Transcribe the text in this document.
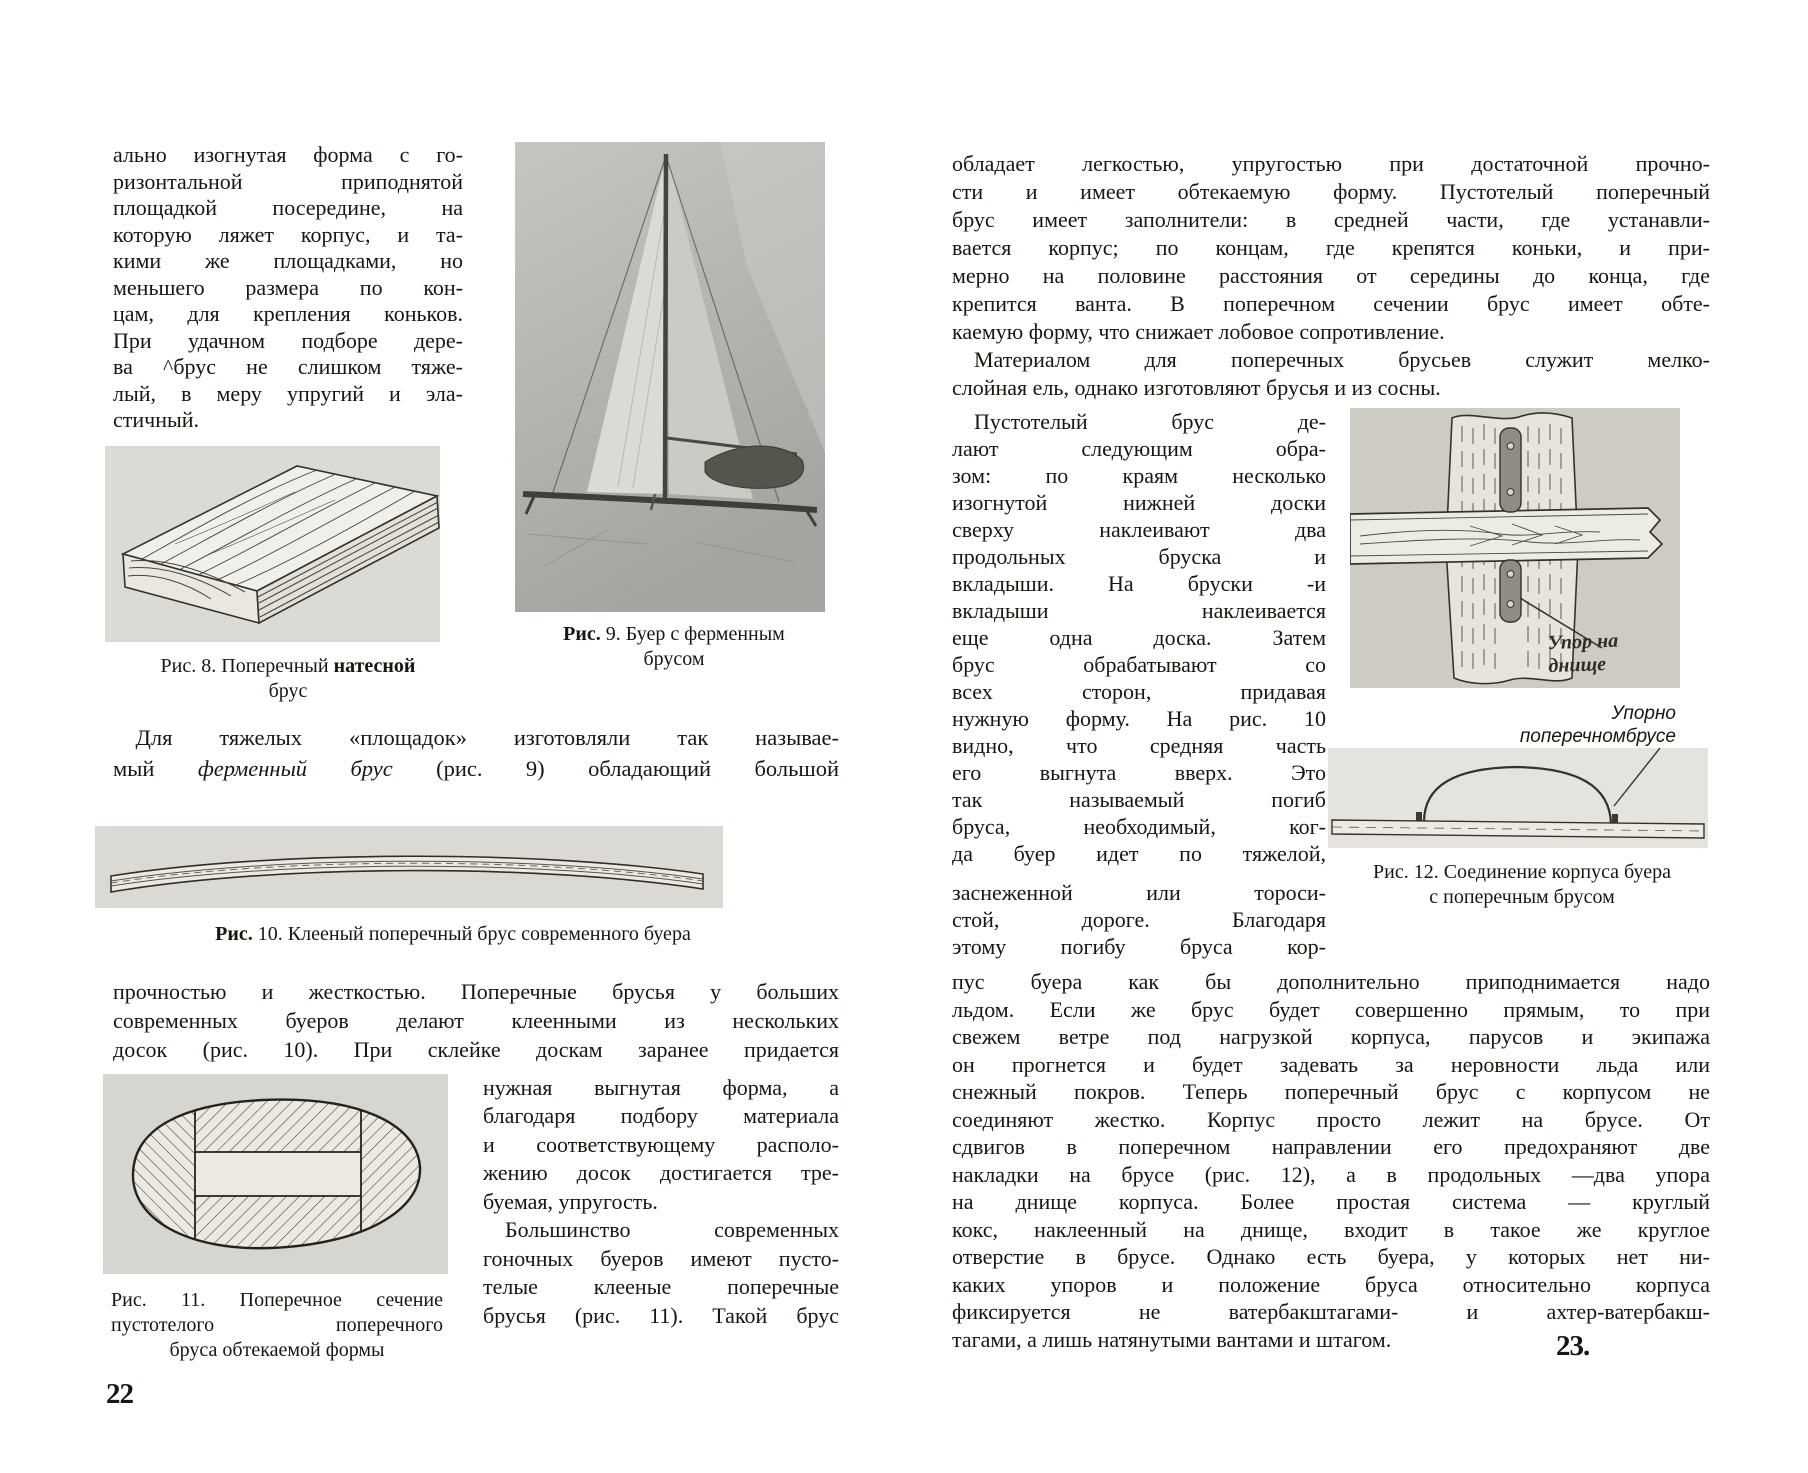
ально изогнутая форма с го-
ризонтальной приподнятой
площадкой посередине, на
которую ляжет корпус, и та-
кими же площадками, но
меньшего размера по кон-
цам, для крепления коньков.
При удачном подборе дере-
ва ^брус не слишком тяже-
лый, в меру упругий и эла-
стичный.
Рис. 8. Поперечный натесной
брус
Рис. 9. Буер с ферменным
брусом
 Для тяжелых «площадок» изготовляли так называе-
мый ферменный брус (рис. 9) обладающий большой
Рис. 10. Клееный поперечный брус современного буера
прочностью и жесткостью. Поперечные брусья у больших
современных буеров делают клеенными из нескольких
досок (рис. 10). При склейке доскам заранее придается
Рис. 11. Поперечное сечение
пустотелого поперечного
бруса обтекаемой формы
нужная выгнутая форма, а
благодаря подбору материала
и соответствующему располо-
жению досок достигается тре-
буемая, упругость.
 Большинство современных
гоночных буеров имеют пусто-
телые клееные поперечные
брусья (рис. 11). Такой брус
обладает легкостью, упругостью при достаточной прочно-
сти и имеет обтекаемую форму. Пустотелый поперечный
брус имеет заполнители: в средней части, где устанавли-
вается корпус; по концам, где крепятся коньки, и при-
мерно на половине расстояния от середины до конца, где
крепится ванта. В поперечном сечении брус имеет обте-
каемую форму, что снижает лобовое сопротивление.
 Материалом для поперечных брусьев служит мелко-
слойная ель, однако изготовляют брусья и из сосны.
 Пустотелый брус де-
лают следующим обра-
зом: по краям несколько
изогнутой нижней доски
сверху наклеивают два
продольных бруска и
вкладыши. На бруски -и
вкладыши наклеивается
еще одна доска. Затем
брус обрабатывают со
всех сторон, придавая
нужную форму. На рис. 10
видно, что средняя часть
его выгнута вверх. Это
так называемый погиб
бруса, необходимый, ког-
да буер идет по тяжелой,
заснеженной или тороси-
стой, дороге. Благодаря
этому погибу бруса кор-
Упор на
днище
Упорно
поперечномбрусе
Рис. 12. Соединение корпуса буера
с поперечным брусом
пус буера как бы дополнительно приподнимается надо
льдом. Если же брус будет совершенно прямым, то при
свежем ветре под нагрузкой корпуса, парусов и экипажа
он прогнется и будет задевать за неровности льда или
снежный покров. Теперь поперечный брус с корпусом не
соединяют жестко. Корпус просто лежит на брусе. От
сдвигов в поперечном направлении его предохраняют две
накладки на брусе (рис. 12), а в продольных —два упора
на днище корпуса. Более простая система — круглый
кокс, наклеенный на днище, входит в такое же круглое
отверстие в брусе. Однако есть буера, у которых нет ни-
каких упоров и положение бруса относительно корпуса
фиксируется не ватербакштагами- и ахтер-ватербакш-
тагами, а лишь натянутыми вантами и штагом.
22
23.
